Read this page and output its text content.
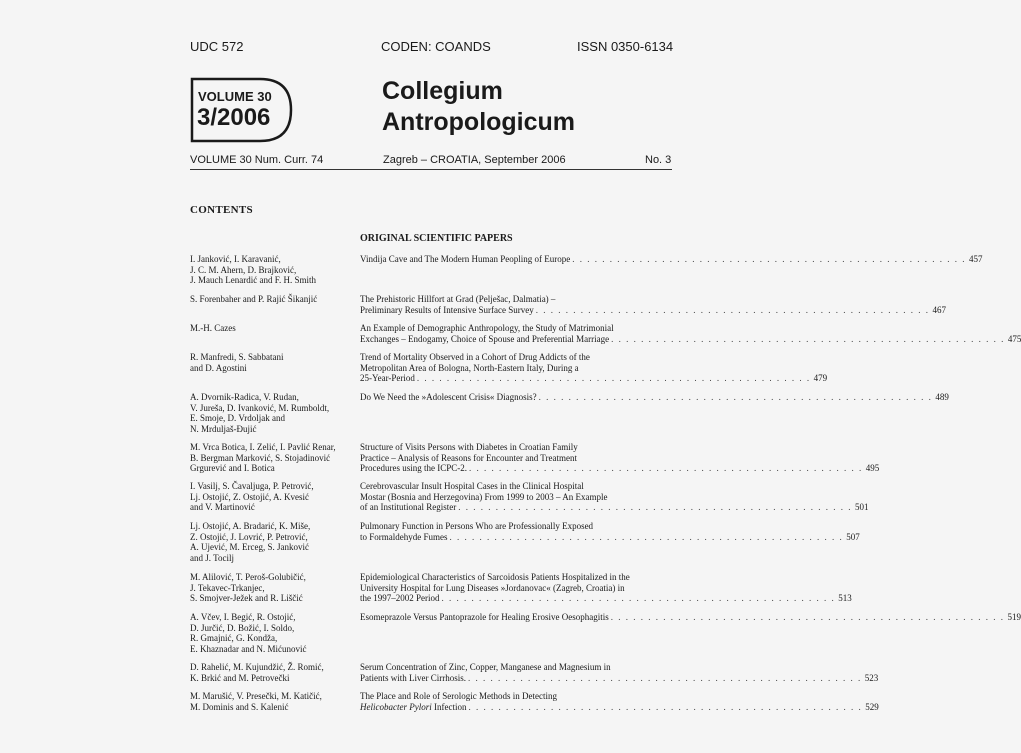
UDC 572	CODEN: COANDS	ISSN 0350-6134
VOLUME 30
3/2006
Collegium
Antropologicum
VOLUME 30 Num. Curr. 74	Zagreb – CROATIA, September 2006	No. 3
CONTENTS
ORIGINAL SCIENTIFIC PAPERS
I. Janković, I. Karavanić,
J. C. M. Ahern, D. Brajković,
J. Mauch Lenardić and F. H. Smith
Vindija Cave and The Modern Human Peopling of Europe . . . . . . . . . . . . . . . . . . . . . . . . . . . . . . . . . . . . . . . . . . . . . . . . . . . . . 457
S. Forenbaher and P. Rajić Šikanjić	The Prehistoric Hillfort at Grad (Pelješac, Dalmatia) –
Preliminary Results of Intensive Surface Survey . . . . . . . . . . . . . . . . . . . . . . . . . . . . . . . . . . . . . . . . . . . . . . . . . . . . . 467
M.-H. Cazes	An Example of Demographic Anthropology, the Study of Matrimonial
Exchanges – Endogamy, Choice of Spouse and Preferential Marriage . . . . . . . . . . . . . . . . . . . . . . . . . . . . . . . . . . . . . . . . . . . . . . . . . . . . . 475
R. Manfredi, S. Sabbatani
and D. Agostini
Trend of Mortality Observed in a Cohort of Drug Addicts of the
Metropolitan Area of Bologna, North-Eastern Italy, During a
25-Year-Period . . . . . . . . . . . . . . . . . . . . . . . . . . . . . . . . . . . . . . . . . . . . . . . . . . . . . 479
A. Dvornik-Radica, V. Rudan,
V. Jureša, D. Ivanković, M. Rumboldt,
E. Smoje, D. Vrdoljak and
N. Mrduljaš-Đujić
Do We Need the »Adolescent Crisis« Diagnosis? . . . . . . . . . . . . . . . . . . . . . . . . . . . . . . . . . . . . . . . . . . . . . . . . . . . . . 489
M. Vrca Botica, I. Zelić, I. Pavlić Renar,
B. Bergman Marković, S. Stojadinović
Grgurević and I. Botica
Structure of Visits Persons with Diabetes in Croatian Family
Practice – Analysis of Reasons for Encounter and Treatment
Procedures using the ICPC-2. . . . . . . . . . . . . . . . . . . . . . . . . . . . . . . . . . . . . . . . . . . . . . . . . . . . . . 495
I. Vasilj, S. Čavaljuga, P. Petrović,
Lj. Ostojić, Z. Ostojić, A. Kvesić
and V. Martinović
Cerebrovascular Insult Hospital Cases in the Clinical Hospital
Mostar (Bosnia and Herzegovina) From 1999 to 2003 – An Example
of an Institutional Register . . . . . . . . . . . . . . . . . . . . . . . . . . . . . . . . . . . . . . . . . . . . . . . . . . . . . 501
Lj. Ostojić, A. Bradarić, K. Miše,
Z. Ostojić, J. Lovrić, P. Petrović,
A. Ujević, M. Erceg, S. Janković
and J. Tocilj
Pulmonary Function in Persons Who are Professionally Exposed
to Formaldehyde Fumes . . . . . . . . . . . . . . . . . . . . . . . . . . . . . . . . . . . . . . . . . . . . . . . . . . . . . 507
M. Alilović, T. Peroš-Golubičić,
J. Tekavec-Trkanjec,
S. Smojver-Ježek and R. Liščić
Epidemiological Characteristics of Sarcoidosis Patients Hospitalized in the
University Hospital for Lung Diseases »Jordanovac« (Zagreb, Croatia) in
the 1997–2002 Period . . . . . . . . . . . . . . . . . . . . . . . . . . . . . . . . . . . . . . . . . . . . . . . . . . . . . 513
A. Včev, I. Begić, R. Ostojić,
D. Jurčić, D. Božić, I. Soldo,
R. Gmajnić, G. Kondža,
E. Khaznadar and N. Mićunović
Esomeprazole Versus Pantoprazole for Healing Erosive Oesophagitis . . . . . . . . . . . . . . . . . . . . . . . . . . . . . . . . . . . . . . . . . . . . . . . . . . . . . 519
D. Rahelić, M. Kujundžić, Ž. Romić,
K. Brkić and M. Petrovečki
Serum Concentration of Zinc, Copper, Manganese and Magnesium in
Patients with Liver Cirrhosis. . . . . . . . . . . . . . . . . . . . . . . . . . . . . . . . . . . . . . . . . . . . . . . . . . . . . . 523
M. Marušić, V. Presečki, M. Katičić,
M. Dominis and S. Kalenić
The Place and Role of Serologic Methods in Detecting
Helicobacter Pylori Infection . . . . . . . . . . . . . . . . . . . . . . . . . . . . . . . . . . . . . . . . . . . . . . . . . . . . . 529
